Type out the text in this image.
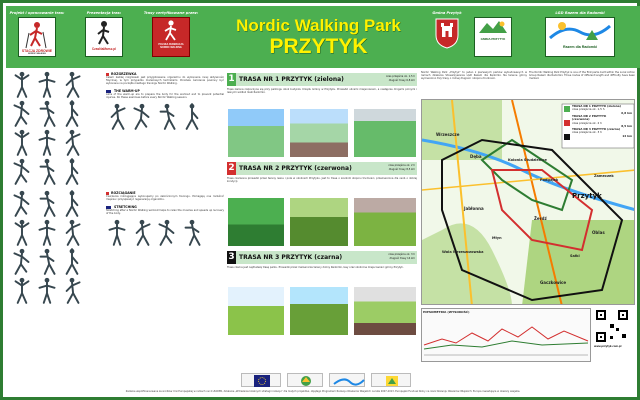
Projekt i opracowanie tras:
STACJA ZDROWIE
NORDIC WALKING
Prezentacja tras:
CzasNaMarsz.pl
Trasy certyfikowane przez:
POLSKA FEDERACJA NORDIC WALKING
Nordic Walking Park
PRZYTYK
Gmina Przytyk
GMINA PRZYTYK
LGD Razem dla Radomki
Razem dla Radomki
ROZGRZEWKA
Celem każdej rozgrzewki jest przygotowanie organizmu do wykonania innej aktywności fizycznej, w tym przypadku marszowych technikami. Poniższe ćwiczenia powinny być wykonane na początku każdego treningu Nordic Walking.
THE WARM-UP
Aims of the warm-up are to prepare the body for the workout and to prevent potential injuries. Do these exercises before every Nordic Walking session.
ROZCIĄGANIE
Ćwiczenia rozciągające wykonujemy po zakończonym treningu. Pomagają one rozluźnić mięśnie i przyspieszyć regenerację organizmu.
STRETCHING
Stretching after a Nordic Walking workout helps to relax the muscles and speeds up recovery of the body.
1 TRASA NR 1 PRZYTYK (zielona)	czas przejścia ok. 1,5 h
długość trasy 6,8 km
Trasa zielona rozpoczyna się przy parkingu obok budynku Urzędu Gminy w Przytyku. Prowadzi ulicami miejscowości, a następnie drogami polnymi i leśnymi wzdłuż rzeki Radomki.
2 TRASA NR 2 PRZYTYK (czerwona)	czas przejścia ok. 2 h
długość trasy 8,5 km
Trasa czerwona prowadzi przez tereny leśne i pola w okolicach Przytyku. Jest to trasa o średnim stopniu trudności, przeznaczona dla osób o dobrej kondycji.
3 TRASA NR 3 PRZYTYK (czarna)	czas przejścia ok. 3 h
długość trasy 14 km
Trasa czarna jest najdłuższą trasą parku. Prowadzi przez malownicze tereny doliny Radomki, lasy oraz okoliczne miejscowości gminy Przytyk.
Nordic Walking Park „Przytyk” to jeden z pierwszych parków wybudowanych w ramach działania Stowarzyszenia LGD Razem dla Radomki. Na terenie gminy wyznaczono trzy trasy o różnej długości i stopniu trudności.
The Nordic Walking Park Przytyk is one of the first parks built within the Local Action Group Razem dla Radomki. Three routes of different length and difficulty have been marked.
TRASA NR 1 PRZYTYK (zielona)
czas przejścia ok. 1,5 h
6,8 km
TRASA NR 2 PRZYTYK (czerwona)
czas przejścia ok. 2 h
8,5 km
TRASA NR 3 PRZYTYK (czarna)
czas przejścia ok. 3 h
14 km
Wrzeszcze
Dęba
Kolonia Studzienice
Przytyk
Jabłonna
Podgajek
Żerdź
Zameczek
Oblas
Gaczkowice
Wola Wrzeszczowska
Młyn
Sałki
HIPSOMETRIA (WYSOKOŚĆ)
www.przytyk.com.pl
Zadanie współfinansowane ze środków Unii Europejskiej w ramach osi 4 LEADER, działanie „Wdrażanie lokalnych strategii rozwoju” dla małych projektów, objętego Programem Rozwoju Obszarów Wiejskich na lata 2007-2013. Europejski Fundusz Rolny na rzecz Rozwoju Obszarów Wiejskich: Europa inwestująca w obszary wiejskie.
